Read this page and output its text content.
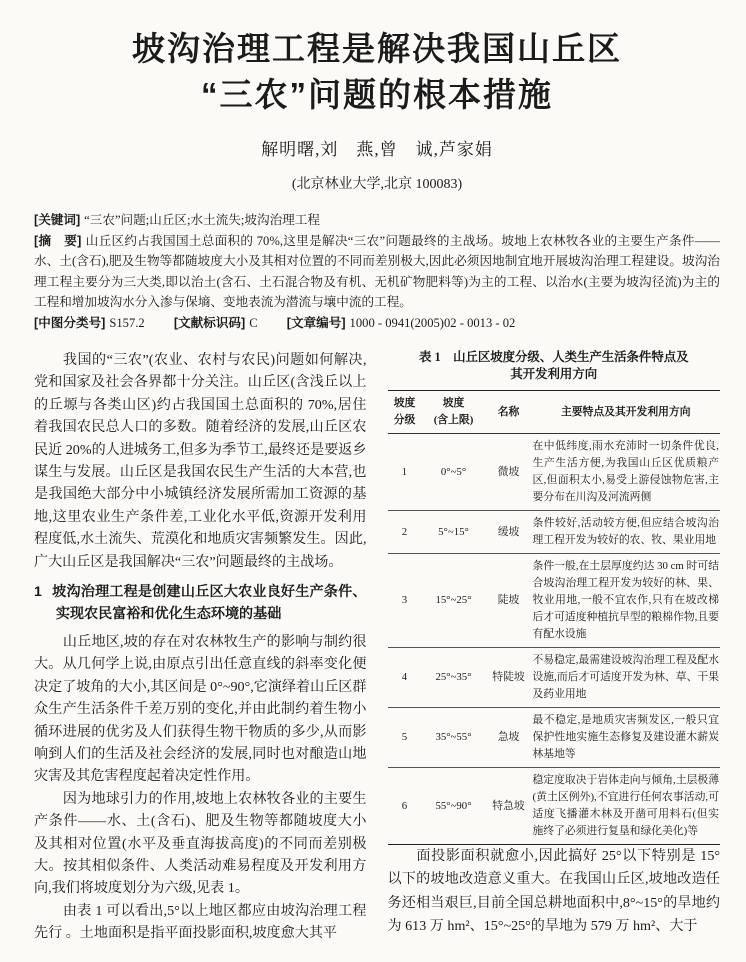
坡沟治理工程是解决我国山丘区
“三农”问题的根本措施
解明曙,刘　燕,曾　诚,芦家娟
(北京林业大学,北京 100083)

[关键词] “三农”问题;山丘区;水土流失;坡沟治理工程

[摘　要] 山丘区约占我国国土总面积的 70%,这里是解决“三农”问题最终的主战场。坡地上农林牧各业的主要生产条件——水、土(含石),肥及生物等都随坡度大小及其相对位置的不同而差别极大,因此必须因地制宜地开展坡沟治理工程建设。坡沟治理工程主要分为三大类,即以治土(含石、土石混合物及有机、无机矿物肥料等)为主的工程、以治水(主要为坡沟径流)为主的工程和增加坡沟水分入渗与保墒、变地表流为潜流与壤中流的工程。

[中图分类号] S157.2 [文献标识码] C [文章编号] 1000 - 0941(2005)02 - 0013 - 02

我国的“三农”(农业、农村与农民)问题如何解决,党和国家及社会各界都十分关注。山丘区(含浅丘以上的丘塬与各类山区)约占我国国土总面积的 70%,居住着我国农民总人口的多数。随着经济的发展,山丘区农民近 20%的人进城务工,但多为季节工,最终还是要返乡谋生与发展。山丘区是我国农民生产生活的大本营,也是我国绝大部分中小城镇经济发展所需加工资源的基地,这里农业生产条件差,工业化水平低,资源开发利用程度低,水土流失、荒漠化和地质灾害频繁发生。因此,广大山丘区是我国解决“三农”问题最终的主战场。

1 坡沟治理工程是创建山丘区大农业良好生产条件、实现农民富裕和优化生态环境的基础

山丘地区,坡的存在对农林牧生产的影响与制约很大。从几何学上说,由原点引出任意直线的斜率变化便决定了坡角的大小,其区间是 0°~90°,它演绎着山丘区群众生产生活条件千差万别的变化,并由此制约着生物小循环进展的优劣及人们获得生物干物质的多少,从而影响到人们的生活及社会经济的发展,同时也对酿造山地灾害及其危害程度起着决定性作用。

因为地球引力的作用,坡地上农林牧各业的主要生产条件——水、土(含石)、肥及生物等都随坡度大小及其相对位置(水平及垂直海拔高度)的不同而差别极大。按其相似条件、人类活动难易程度及开发利用方向,我们将坡度划分为六级,见表 1。

由表 1 可以看出,5°以上地区都应由坡沟治理工程先行 。土地面积是指平面投影面积,坡度愈大其平

表 1　山丘区坡度分级、人类生产生活条件特点及
其开发利用方向
坡度
分级	坡度
(含上限)	名称	主要特点及其开发利用方向
1	0°~5°	微坡	在中低纬度,雨水充沛时一切条件优良,生产生活方便,为我国山丘区优质粮产区,但面积太小,易受上游侵蚀物危害,主要分布在川沟及河流两侧
2	5°~15°	缓坡	条件较好,活动较方便,但应结合坡沟治理工程开发为较好的农、牧、果业用地
3	15°~25°	陡坡	条件一般,在土层厚度约达 30 cm 时可结合坡沟治理工程开发为较好的林、果、牧业用地,一般不宜农作,只有在坡改梯后才可适度种植抗旱型的粮棉作物,且要有配水设施
4	25°~35°	特陡坡	不易稳定,最需建设坡沟治理工程及配水设施,而后才可适度开发为林、草、干果及药业用地
5	35°~55°	急坡	最不稳定,是地质灾害频发区,一般只宜保护性地实施生态修复及建设灌木薪炭林基地等
6	55°~90°	特急坡	稳定度取决于岩体走向与倾角,土层极薄(黄土区例外),不宜进行任何农事活动,可适度飞播灌木林及开凿可用料石(但实施终了必须进行复垦和绿化美化)等

面投影面积就愈小,因此搞好 25°以下特别是 15°以下的坡地改造意义重大。在我国山丘区,坡地改造任务还相当艰巨,目前全国总耕地面积中,8°~15°的旱地约为 613 万 hm²、15°~25°的旱地为 579 万 hm²、大于
